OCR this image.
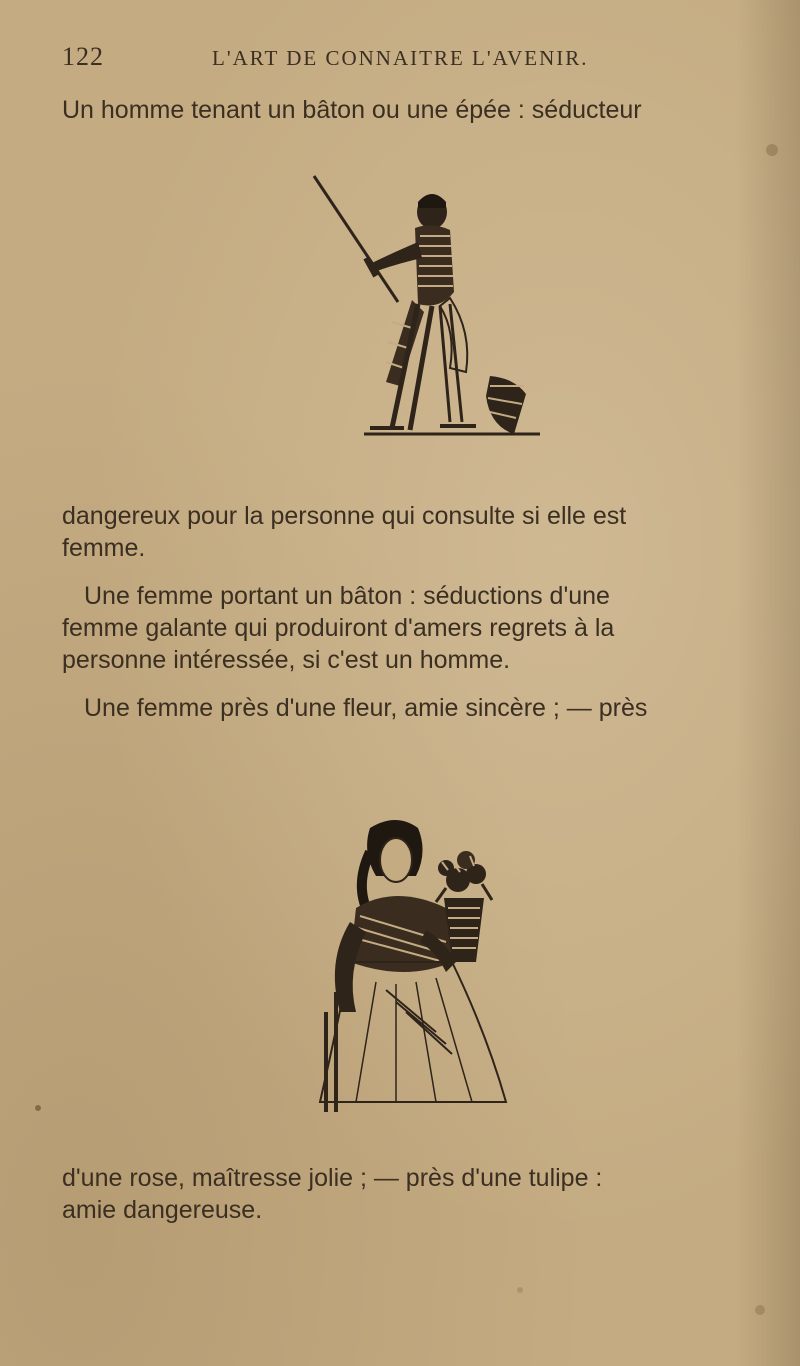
122	L'ART DE CONNAITRE L'AVENIR.

Un homme tenant un bâton ou une épée : séducteur

dangereux pour la personne qui consulte si elle est

femme.

Une femme portant un bâton : séductions d'une

femme galante qui produiront d'amers regrets à la

personne intéressée, si c'est un homme.

Une femme près d'une fleur, amie sincère ; — près

d'une rose, maîtresse jolie ; — près d'une tulipe :

amie dangereuse.
